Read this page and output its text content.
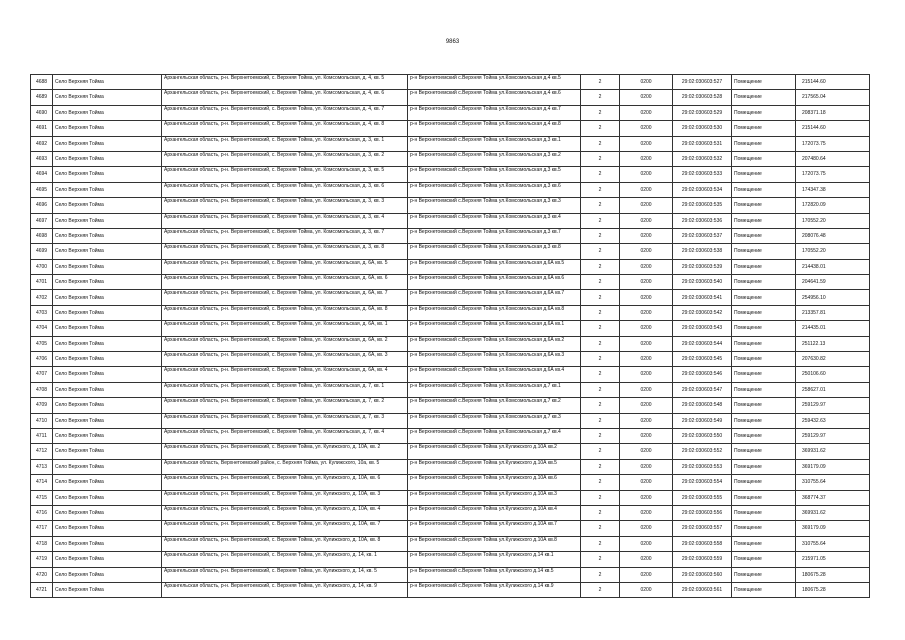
9863
4688	Село Верхняя Тойма	Архангельская область, р-н. Верхнетоемский, с. Верхняя Тойма, ул. Комсомольская, д. 4, кв. 5	р-н Верхнетоемский с.Верхняя Тойма ул.Комсомольская д.4 кв.5	2	0200	29:02:030603:527	Помещение	215144.60
4689	Село Верхняя Тойма	Архангельская область, р-н. Верхнетоемский, с. Верхняя Тойма, ул. Комсомольская, д. 4, кв. 6	р-н Верхнетоемский с.Верхняя Тойма ул.Комсомольская д.4 кв.6	2	0200	29:02:030603:528	Помещение	217565.04
4690	Село Верхняя Тойма	Архангельская область, р-н. Верхнетоемский, с. Верхняя Тойма, ул. Комсомольская, д. 4, кв. 7	р-н Верхнетоемский с.Верхняя Тойма ул.Комсомольская д.4 кв.7	2	0200	29:02:030603:529	Помещение	208371.18
4691	Село Верхняя Тойма	Архангельская область, р-н. Верхнетоемский, с. Верхняя Тойма, ул. Комсомольская, д. 4, кв. 8	р-н Верхнетоемский с.Верхняя Тойма ул.Комсомольская д.4 кв.8	2	0200	29:02:030603:530	Помещение	215144.60
4692	Село Верхняя Тойма	Архангельская область, р-н. Верхнетоемский, с. Верхняя Тойма, ул. Комсомольская, д. 3, кв. 1	р-н Верхнетоемский с.Верхняя Тойма ул.Комсомольская д.3 кв.1	2	0200	29:02:030603:531	Помещение	172073.75
4693	Село Верхняя Тойма	Архангельская область, р-н. Верхнетоемский, с. Верхняя Тойма, ул. Комсомольская, д. 3, кв. 2	р-н Верхнетоемский с.Верхняя Тойма ул.Комсомольская д.3 кв.2	2	0200	29:02:030603:532	Помещение	207480.64
4694	Село Верхняя Тойма	Архангельская область, р-н. Верхнетоемский, с. Верхняя Тойма, ул. Комсомольская, д. 3, кв. 5	р-н Верхнетоемский с.Верхняя Тойма ул.Комсомольская д.3 кв.5	2	0200	29:02:030603:533	Помещение	172073.75
4695	Село Верхняя Тойма	Архангельская область, р-н. Верхнетоемский, с. Верхняя Тойма, ул. Комсомольская, д. 3, кв. 6	р-н Верхнетоемский с.Верхняя Тойма ул.Комсомольская д.3 кв.6	2	0200	29:02:030603:534	Помещение	174347.38
4696	Село Верхняя Тойма	Архангельская область, р-н. Верхнетоемский, с. Верхняя Тойма, ул. Комсомольская, д. 3, кв. 3	р-н Верхнетоемский с.Верхняя Тойма ул.Комсомольская д.3 кв.3	2	0200	29:02:030603:535	Помещение	172820.09
4697	Село Верхняя Тойма	Архангельская область, р-н. Верхнетоемский, с. Верхняя Тойма, ул. Комсомольская, д. 3, кв. 4	р-н Верхнетоемский с.Верхняя Тойма ул.Комсомольская д.3 кв.4	2	0200	29:02:030603:536	Помещение	170552.20
4698	Село Верхняя Тойма	Архангельская область, р-н. Верхнетоемский, с. Верхняя Тойма, ул. Комсомольская, д. 3, кв. 7	р-н Верхнетоемский с.Верхняя Тойма ул.Комсомольская д.3 кв.7	2	0200	29:02:030603:537	Помещение	208076.48
4699	Село Верхняя Тойма	Архангельская область, р-н. Верхнетоемский, с. Верхняя Тойма, ул. Комсомольская, д. 3, кв. 8	р-н Верхнетоемский с.Верхняя Тойма ул.Комсомольская д.3 кв.8	2	0200	29:02:030603:538	Помещение	170552.20
4700	Село Верхняя Тойма	Архангельская область, р-н. Верхнетоемский, с. Верхняя Тойма, ул. Комсомольская, д. 6А, кв. 5	р-н Верхнетоемский с.Верхняя Тойма ул.Комсомольская д.6А кв.5	2	0200	29:02:030603:539	Помещение	214438.01
4701	Село Верхняя Тойма	Архангельская область, р-н. Верхнетоемский, с. Верхняя Тойма, ул. Комсомольская, д. 6А, кв. 6	р-н Верхнетоемский с.Верхняя Тойма ул.Комсомольская д.6А кв.6	2	0200	29:02:030603:540	Помещение	204641.59
4702	Село Верхняя Тойма	Архангельская область, р-н. Верхнетоемский, с. Верхняя Тойма, ул. Комсомольская, д. 6А, кв. 7	р-н Верхнетоемский с.Верхняя Тойма ул.Комсомольская д.6А кв.7	2	0200	29:02:030603:541	Помещение	254956.10
4703	Село Верхняя Тойма	Архангельская область, р-н. Верхнетоемский, с. Верхняя Тойма, ул. Комсомольская, д. 6А, кв. 8	р-н Верхнетоемский с.Верхняя Тойма ул.Комсомольская д.6А кв.8	2	0200	29:02:030603:542	Помещение	213357.81
4704	Село Верхняя Тойма	Архангельская область, р-н. Верхнетоемский, с. Верхняя Тойма, ул. Комсомольская, д. 6А, кв. 1	р-н Верхнетоемский с.Верхняя Тойма ул.Комсомольская д.6А кв.1	2	0200	29:02:030603:543	Помещение	214435.01
4705	Село Верхняя Тойма	Архангельская область, р-н. Верхнетоемский, с. Верхняя Тойма, ул. Комсомольская, д. 6А, кв. 2	р-н Верхнетоемский с.Верхняя Тойма ул.Комсомольская д.6А кв.2	2	0200	29:02:030603:544	Помещение	251122.13
4706	Село Верхняя Тойма	Архангельская область, р-н. Верхнетоемский, с. Верхняя Тойма, ул. Комсомольская, д. 6А, кв. 3	р-н Верхнетоемский с.Верхняя Тойма ул.Комсомольская д.6А кв.3	2	0200	29:02:030603:545	Помещение	207630.82
4707	Село Верхняя Тойма	Архангельская область, р-н. Верхнетоемский, с. Верхняя Тойма, ул. Комсомольская, д. 6А, кв. 4	р-н Верхнетоемский с.Верхняя Тойма ул.Комсомольская д.6А кв.4	2	0200	29:02:030603:546	Помещение	250106.60
4708	Село Верхняя Тойма	Архангельская область, р-н. Верхнетоемский, с. Верхняя Тойма, ул. Комсомольская, д. 7, кв. 1	р-н Верхнетоемский с.Верхняя Тойма ул.Комсомольская д.7 кв.1	2	0200	29:02:030603:547	Помещение	258627.01
4709	Село Верхняя Тойма	Архангельская область, р-н. Верхнетоемский, с. Верхняя Тойма, ул. Комсомольская, д. 7, кв. 2	р-н Верхнетоемский с.Верхняя Тойма ул.Комсомольская д.7 кв.2	2	0200	29:02:030603:548	Помещение	259129.97
4710	Село Верхняя Тойма	Архангельская область, р-н. Верхнетоемский, с. Верхняя Тойма, ул. Комсомольская, д. 7, кв. 3	р-н Верхнетоемский с.Верхняя Тойма ул.Комсомольская д.7 кв.3	2	0200	29:02:030603:549	Помещение	259432.63
4711	Село Верхняя Тойма	Архангельская область, р-н. Верхнетоемский, с. Верхняя Тойма, ул. Комсомольская, д. 7, кв. 4	р-н Верхнетоемский с.Верхняя Тойма ул.Комсомольская д.7 кв.4	2	0200	29:02:030603:550	Помещение	259129.97
4712	Село Верхняя Тойма	Архангельская область, р-н. Верхнетоемский, с. Верхняя Тойма, ул. Кулижского, д. 10А, кв. 2	р-н Верхнетоемский с.Верхняя Тойма ул.Кулижского д.10А кв.2	2	0200	29:02:030603:552	Помещение	369931.62
4713	Село Верхняя Тойма	Архангельская область, Верхнетоемский район, с. Верхняя Тойма, ул. Кулижского, 10а, кв. 5	р-н Верхнетоемский с.Верхняя Тойма ул.Кулижского д.10А кв.5	2	0200	29:02:030603:553	Помещение	369179.09
4714	Село Верхняя Тойма	Архангельская область, р-н. Верхнетоемский, с. Верхняя Тойма, ул. Кулижского, д. 10А, кв. 6	р-н Верхнетоемский с.Верхняя Тойма ул.Кулижского д.10А кв.6	2	0200	29:02:030603:554	Помещение	310755.64
4715	Село Верхняя Тойма	Архангельская область, р-н. Верхнетоемский, с. Верхняя Тойма, ул. Кулижского, д. 10А, кв. 3	р-н Верхнетоемский с.Верхняя Тойма ул.Кулижского д.10А кв.3	2	0200	29:02:030603:555	Помещение	368774.37
4716	Село Верхняя Тойма	Архангельская область, р-н. Верхнетоемский, с. Верхняя Тойма, ул. Кулижского, д. 10А, кв. 4	р-н Верхнетоемский с.Верхняя Тойма ул.Кулижского д.10А кв.4	2	0200	29:02:030603:556	Помещение	369931.62
4717	Село Верхняя Тойма	Архангельская область, р-н. Верхнетоемский, с. Верхняя Тойма, ул. Кулижского, д. 10А, кв. 7	р-н Верхнетоемский с.Верхняя Тойма ул.Кулижского д.10А кв.7	2	0200	29:02:030603:557	Помещение	369179.09
4718	Село Верхняя Тойма	Архангельская область, р-н. Верхнетоемский, с. Верхняя Тойма, ул. Кулижского, д. 10А, кв. 8	р-н Верхнетоемский с.Верхняя Тойма ул.Кулижского д.10А кв.8	2	0200	29:02:030603:558	Помещение	310755.64
4719	Село Верхняя Тойма	Архангельская область, р-н. Верхнетоемский, с. Верхняя Тойма, ул. Кулижского, д. 14, кв. 1	р-н Верхнетоемский с.Верхняя Тойма ул.Кулижского д.14 кв.1	2	0200	29:02:030603:559	Помещение	215971.05
4720	Село Верхняя Тойма	Архангельская область, р-н. Верхнетоемский, с. Верхняя Тойма, ул. Кулижского, д. 14, кв. 5	р-н Верхнетоемский с.Верхняя Тойма ул.Кулижского д.14 кв.5	2	0200	29:02:030603:560	Помещение	180675.28
4721	Село Верхняя Тойма	Архангельская область, р-н. Верхнетоемский, с. Верхняя Тойма, ул. Кулижского, д. 14, кв. 9	р-н Верхнетоемский с.Верхняя Тойма ул.Кулижского д.14 кв.9	2	0200	29:02:030603:561	Помещение	180675.28
